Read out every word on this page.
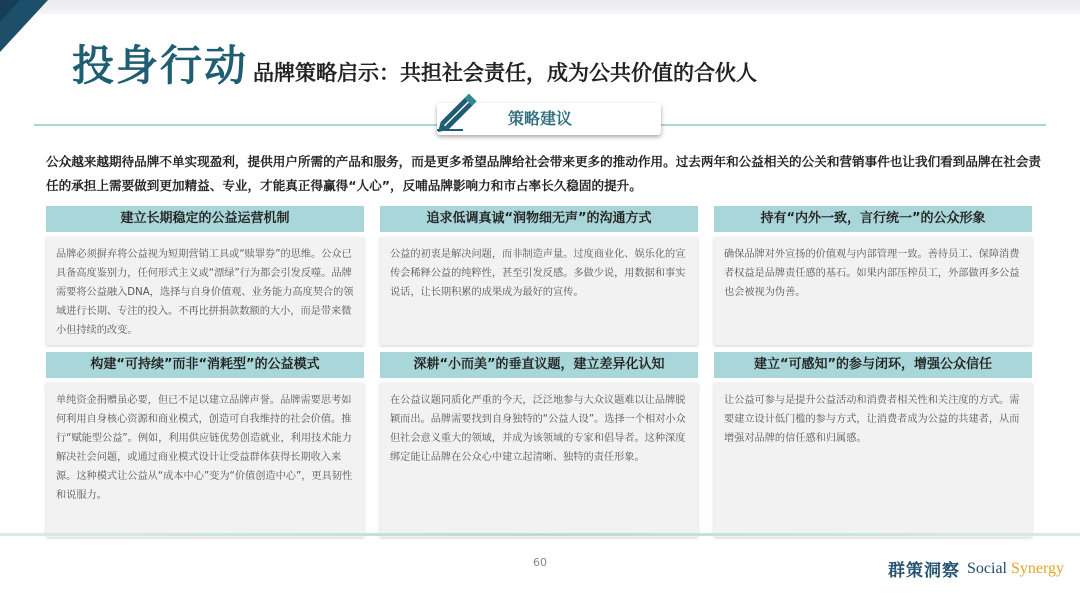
投身行动 品牌策略启示：共担社会责任，成为公共价值的合伙人
策略建议
公众越来越期待品牌不单实现盈利，提供用户所需的产品和服务，而是更多希望品牌给社会带来更多的推动作用。过去两年和公益相关的公关和营销事件也让我们看到品牌在社会责任的承担上需要做到更加精益、专业，才能真正得赢得“人心”，反哺品牌影响力和市占率长久稳固的提升。
建立长期稳定的公益运营机制
品牌必须摒弃将公益视为短期营销工具或“赎罪券”的思维。公众已具备高度鉴别力，任何形式主义或“漂绿”行为都会引发反噬。品牌需要将公益融入DNA，选择与自身价值观、业务能力高度契合的领域进行长期、专注的投入。不再比拼捐款数额的大小，而是带来微小但持续的改变。
追求低调真诚“润物细无声”的沟通方式
公益的初衷是解决问题，而非制造声量。过度商业化、娱乐化的宣传会稀释公益的纯粹性，甚至引发反感。多做少说，用数据和事实说话，让长期积累的成果成为最好的宣传。
持有“内外一致，言行统一”的公众形象
确保品牌对外宣扬的价值观与内部管理一致。善待员工、保障消费者权益是品牌责任感的基石。如果内部压榨员工，外部做再多公益也会被视为伪善。
构建“可持续”而非“消耗型”的公益模式
单纯资金捐赠虽必要，但已不足以建立品牌声誉。品牌需要思考如何利用自身核心资源和商业模式，创造可自我维持的社会价值。推行“赋能型公益”。例如，利用供应链优势创造就业，利用技术能力解决社会问题，或通过商业模式设计让受益群体获得长期收入来源。这种模式让公益从“成本中心”变为“价值创造中心”，更具韧性和说服力。
深耕“小而美”的垂直议题，建立差异化认知
在公益议题同质化严重的今天，泛泛地参与大众议题难以让品牌脱颖而出。品牌需要找到自身独特的“公益人设”。选择一个相对小众但社会意义重大的领域，并成为该领域的专家和倡导者。这种深度绑定能让品牌在公众心中建立起清晰、独特的责任形象。
建立“可感知”的参与闭环，增强公众信任
让公益可参与是提升公益活动和消费者相关性和关注度的方式。需要建立设计低门槛的参与方式，让消费者成为公益的共建者，从而增强对品牌的信任感和归属感。
60	群策洞察 Social Synergy
